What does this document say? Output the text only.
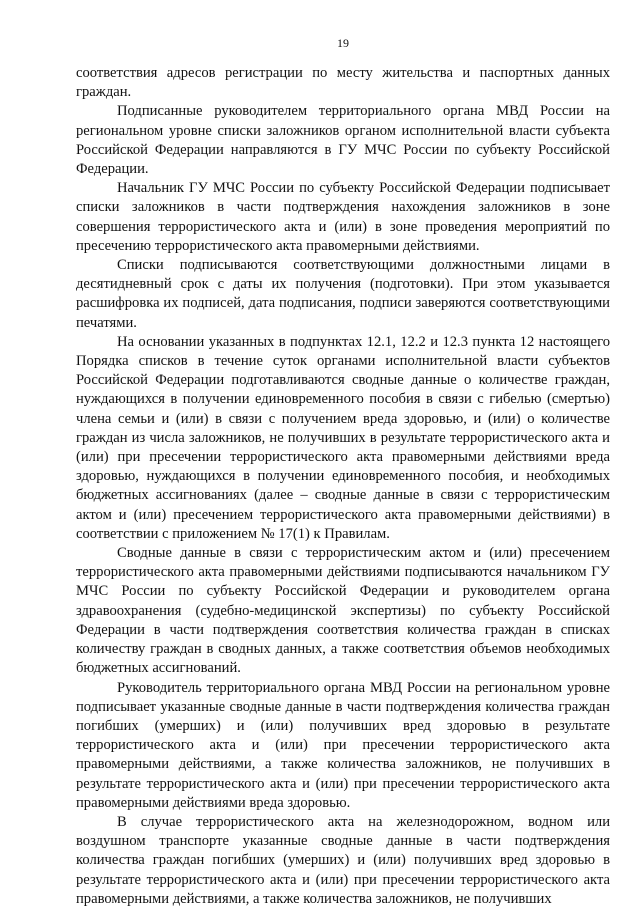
19

соответствия адресов регистрации по месту жительства и паспортных данных граждан.

Подписанные руководителем территориального органа МВД России на региональном уровне списки заложников органом исполнительной власти субъекта Российской Федерации направляются в ГУ МЧС России по субъекту Российской Федерации.

Начальник ГУ МЧС России по субъекту Российской Федерации подписывает списки заложников в части подтверждения нахождения заложников в зоне совершения террористического акта и (или) в зоне проведения мероприятий по пресечению террористического акта правомерными действиями.

Списки подписываются соответствующими должностными лицами в десятидневный срок с даты их получения (подготовки). При этом указывается расшифровка их подписей, дата подписания, подписи заверяются соответствующими печатями.

На основании указанных в подпунктах 12.1, 12.2 и 12.3 пункта 12 настоящего Порядка списков в течение суток органами исполнительной власти субъектов Российской Федерации подготавливаются сводные данные о количестве граждан, нуждающихся в получении единовременного пособия в связи с гибелью (смертью) члена семьи и (или) в связи с получением вреда здоровью, и (или) о количестве граждан из числа заложников, не получивших в результате террористического акта и (или) при пресечении террористического акта правомерными действиями вреда здоровью, нуждающихся в получении единовременного пособия, и необходимых бюджетных ассигнованиях (далее – сводные данные в связи с террористическим актом и (или) пресечением террористического акта правомерными действиями) в соответствии с приложением № 17(1) к Правилам.

Сводные данные в связи с террористическим актом и (или) пресечением террористического акта правомерными действиями подписываются начальником ГУ МЧС России по субъекту Российской Федерации и руководителем органа здравоохранения (судебно-медицинской экспертизы) по субъекту Российской Федерации в части подтверждения соответствия количества граждан в списках количеству граждан в сводных данных, а также соответствия объемов необходимых бюджетных ассигнований.

Руководитель территориального органа МВД России на региональном уровне подписывает указанные сводные данные в части подтверждения количества граждан погибших (умерших) и (или) получивших вред здоровью в результате террористического акта и (или) при пресечении террористического акта правомерными действиями, а также количества заложников, не получивших в результате террористического акта и (или) при пресечении террористического акта правомерными действиями вреда здоровью.

В случае террористического акта на железнодорожном, водном или воздушном транспорте указанные сводные данные в части подтверждения количества граждан погибших (умерших) и (или) получивших вред здоровью в результате террористического акта и (или) при пресечении террористического акта правомерными действиями, а также количества заложников, не получивших
